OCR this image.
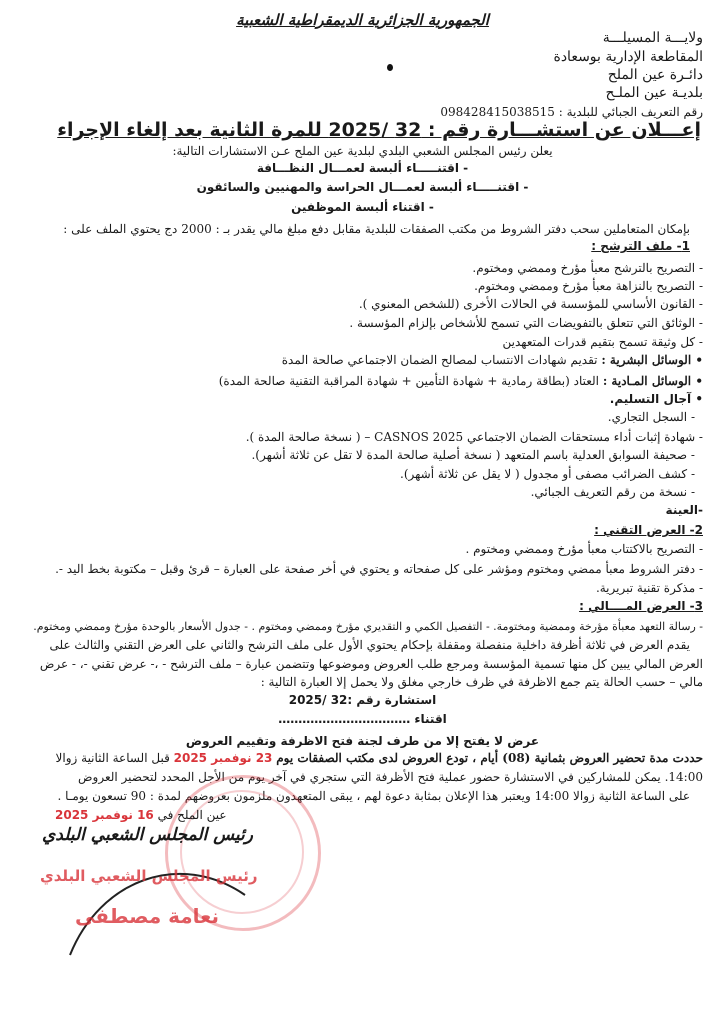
الجمهورية الجزائرية الديمقراطية الشعبية
ولايـــة المسيلـــة
المقاطعة الإدارية بوسعادة
دائـرة عين الملح
بلديـة عين الملـح
رقم التعريف الجبائي للبلدية : 098428415038515
إعـــلان عن استشـــارة رقم : 32 /2025 للمرة الثانية بعد إلغاء الإجراء
يعلن رئيس المجلس الشعبي البلدي لبلدية عين الملح عـن الاستشارات التالية:
- اقتنـــــاء ألبسة لعمـــال النظـــافة
- اقتنـــــاء ألبسة لعمـــال الحراسة والمهنيين والسائقون
- اقتناء ألبسة الموظفين
بإمكان المتعاملين سحب دفتر الشروط من مكتب الصفقات للبلدية مقابل دفع مبلغ مالي يقدر بـ : 2000 دج يحتوي الملف على :
1- ملف الترشح :
- التصريح بالترشح معبأ مؤرخ وممضي ومختوم.
- التصريح بالنزاهة معبأ مؤرخ وممضي ومختوم.
- القانون الأساسي للمؤسسة في الحالات الأخرى (للشخص المعنوي ).
- الوثائق التي تتعلق بالتفويضات التي تسمح للأشخاص بإلزام المؤسسة .
- كل وثيقة تسمح بتقيم قدرات المتعهدين
• الوسائل البشرية : تقديم شهادات الانتساب لمصالح الضمان الاجتماعي صالحة المدة
• الوسائل المـادية : العتاد (بطاقة رمادية + شهادة التأمين + شهادة المراقبة التقنية صالحة المدة)
• آجال التسليم.
- السجل التجاري.
- شهادة إثبات أداء مستحقات الضمان الاجتماعي CASNOS 2025 – ( نسخة صالحة المدة ).
- صحيفة السوابق العدلية باسم المتعهد ( نسخة أصلية صالحة المدة لا تقل عن ثلاثة أشهر).
- كشف الضرائب مصفى أو مجدول ( لا يقل عن ثلاثة أشهر).
- نسخة من رقم التعريف الجبائي.
-العينة
2- العرض التقني :
- التصريح بالاكتتاب معبأ مؤرخ وممضي ومختوم .
- دفتر الشروط معبأ ممضي ومختوم ومؤشر على كل صفحاته و يحتوي في أخر صفحة على العبارة – قرئ وقبل – مكتوبة بخط اليد -.
- مذكرة تقنية تبريرية.
3- العرض المــــالي :
- رسالة التعهد معبأة مؤرخة وممضية ومختومة. - التفصيل الكمي و التقديري مؤرخ وممضي ومختوم . - جدول الأسعار بالوحدة مؤرخ وممضي ومختوم.
يقدم العرض في ثلاثة أظرفة داخلية منفصلة ومقفلة بإحكام يحتوي الأول على ملف الترشح والثاني على العرض التقني والثالث على
العرض المالي يبين كل منها تسمية المؤسسة ومرجع طلب العروض وموضوعها وتتضمن عبارة – ملف الترشح - ،- عرض تقني -، - عرض
مالي – حسب الحالة يتم جمع الاظرفة في ظرف خارجي مغلق ولا يحمل إلا العبارة التالية :
استشارة رقم :32 /2025
اقتناء ……………………………
عرض لا يفتح إلا من طرف لجنة فتح الاظرفة وتقييم العروض
حددت مدة تحضير العروض بثمانية (08) أيام ، تودع العروض لدى مكتب الصفقات يوم 23 نوفمبر 2025 قبل الساعة الثانية زوالا
14:00. يمكن للمشاركين في الاستشارة حضور عملية فتح الأظرفة التي ستجري في آخر يوم من الأجل المحدد لتحضير العروض
على الساعة الثانية زوالا 14:00 ويعتبر هذا الإعلان بمثابة دعوة لهم ، يبقى المتعهدون ملزمون بعروضهم لمدة : 90 تسعون يومـا .
عين الملح في 16 نوفمبر 2025
رئيس المجلس الشعبي البلدي
رئيس المجلس الشعبي البلدي
نعامة مصطفى
